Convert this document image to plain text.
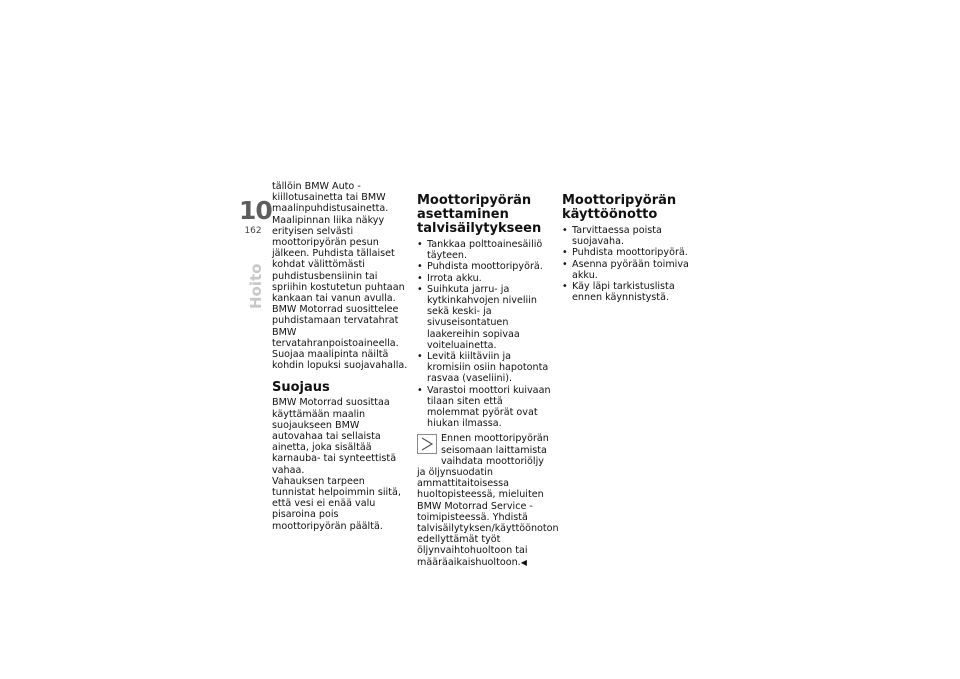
10
162
Hoito

tällöin BMW Auto -kiillotusainetta tai BMW maalinpuhdistusainetta. Maalipinnan liika näkyy erityisen selvästi moottoripyörän pesun jälkeen. Puhdista tällaiset kohdat välittömästi puhdistusbensiinin tai spriihin kostutetun puhtaan kankaan tai vanun avulla. BMW Motorrad suosittelee puhdistamaan tervatahrat BMW tervatahranpoistoaineella. Suojaa maalipinta näiltä kohdin lopuksi suojavahalla.

Suojaus

BMW Motorrad suosittaa käyttämään maalin suojaukseen BMW autovahaa tai sellaista ainetta, joka sisältää karnauba- tai synteettistä vahaa.

Vahauksen tarpeen tunnistat helpoimmin siitä, että vesi ei enää valu pisaroina pois moottoripyörän päältä.

Moottoripyörän asettaminen talvisäilytykseen
• Tankkaa polttoainesäiliö täyteen.
• Puhdista moottoripyörä.
• Irrota akku.
• Suihkuta jarru- ja kytkinkahvojen niveliin sekä keski- ja sivuseisontatuen laakereihin sopivaa voiteluainetta.
• Levitä kiiltäviin ja kromisiin osiin hapotonta rasvaa (vaseliini).
• Varastoi moottori kuivaan tilaan siten että molemmat pyörät ovat hiukan ilmassa.
Ennen moottoripyörän seisomaan laittamista vaihdata moottoriöljy ja öljynsuodatin ammattitaitoisessa huoltopisteessä, mieluiten BMW Motorrad Service -toimipisteessä. Yhdistä talvisäilytyksen/käyttöönoton edellyttämät työt öljynvaihtohuoltoon tai määräaikaishuoltoon.◀
Moottoripyörän käyttöönotto
• Tarvittaessa poista suojavaha.
• Puhdista moottoripyörä.
• Asenna pyörään toimiva akku.
• Käy läpi tarkistuslista ennen käynnistystä.
